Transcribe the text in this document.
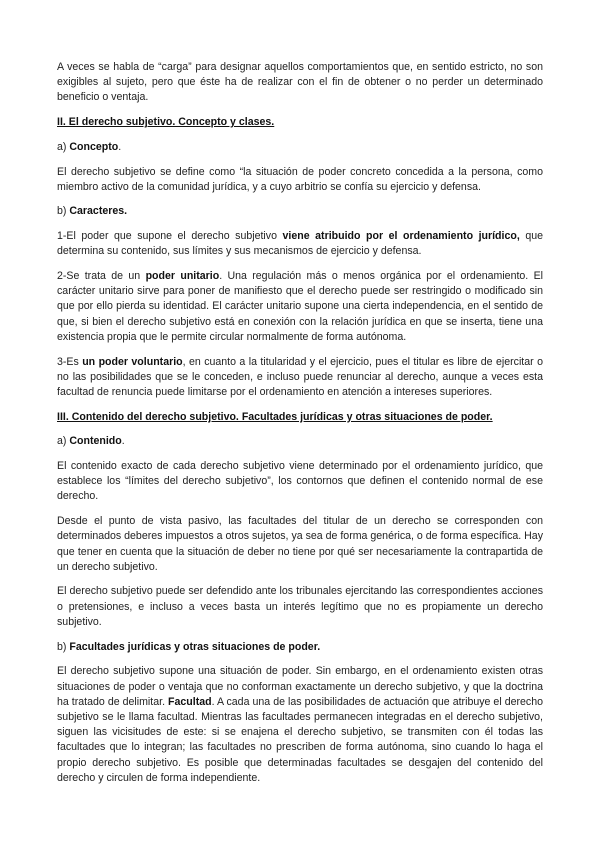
A veces se habla de “carga” para designar aquellos comportamientos que, en sentido estricto, no son exigibles al sujeto, pero que éste ha de realizar con el fin de obtener o no perder un determinado beneficio o ventaja.

II. El derecho subjetivo. Concepto y clases.

a) Concepto.

El derecho subjetivo se define como “la situación de poder concreto concedida a la persona, como miembro activo de la comunidad jurídica, y a cuyo arbitrio se confía su ejercicio y defensa.

b) Caracteres.

1-El poder que supone el derecho subjetivo viene atribuido por el ordenamiento jurídico, que determina su contenido, sus límites y sus mecanismos de ejercicio y defensa.

2-Se trata de un poder unitario. Una regulación más o menos orgánica por el ordenamiento. El carácter unitario sirve para poner de manifiesto que el derecho puede ser restringido o modificado sin que por ello pierda su identidad. El carácter unitario supone una cierta independencia, en el sentido de que, si bien el derecho subjetivo está en conexión con la relación jurídica en que se inserta, tiene una existencia propia que le permite circular normalmente de forma autónoma.

3-Es un poder voluntario, en cuanto a la titularidad y el ejercicio, pues el titular es libre de ejercitar o no las posibilidades que se le conceden, e incluso puede renunciar al derecho, aunque a veces esta facultad de renuncia puede limitarse por el ordenamiento en atención a intereses superiores.

III. Contenido del derecho subjetivo. Facultades jurídicas y otras situaciones de poder.

a) Contenido.

El contenido exacto de cada derecho subjetivo viene determinado por el ordenamiento jurídico, que establece los “límites del derecho subjetivo”, los contornos que definen el contenido normal de ese derecho.

Desde el punto de vista pasivo, las facultades del titular de un derecho se corresponden con determinados deberes impuestos a otros sujetos, ya sea de forma genérica, o de forma específica. Hay que tener en cuenta que la situación de deber no tiene por qué ser necesariamente la contrapartida de un derecho subjetivo.

El derecho subjetivo puede ser defendido ante los tribunales ejercitando las correspondientes acciones o pretensiones, e incluso a veces basta un interés legítimo que no es propiamente un derecho subjetivo.

b) Facultades jurídicas y otras situaciones de poder.

El derecho subjetivo supone una situación de poder. Sin embargo, en el ordenamiento existen otras situaciones de poder o ventaja que no conforman exactamente un derecho subjetivo, y que la doctrina ha tratado de delimitar. Facultad. A cada una de las posibilidades de actuación que atribuye el derecho subjetivo se le llama facultad. Mientras las facultades permanecen integradas en el derecho subjetivo, siguen las vicisitudes de este: si se enajena el derecho subjetivo, se transmiten con él todas las facultades que lo integran; las facultades no prescriben de forma autónoma, sino cuando lo haga el propio derecho subjetivo. Es posible que determinadas facultades se desgajen del contenido del derecho y circulen de forma independiente.
